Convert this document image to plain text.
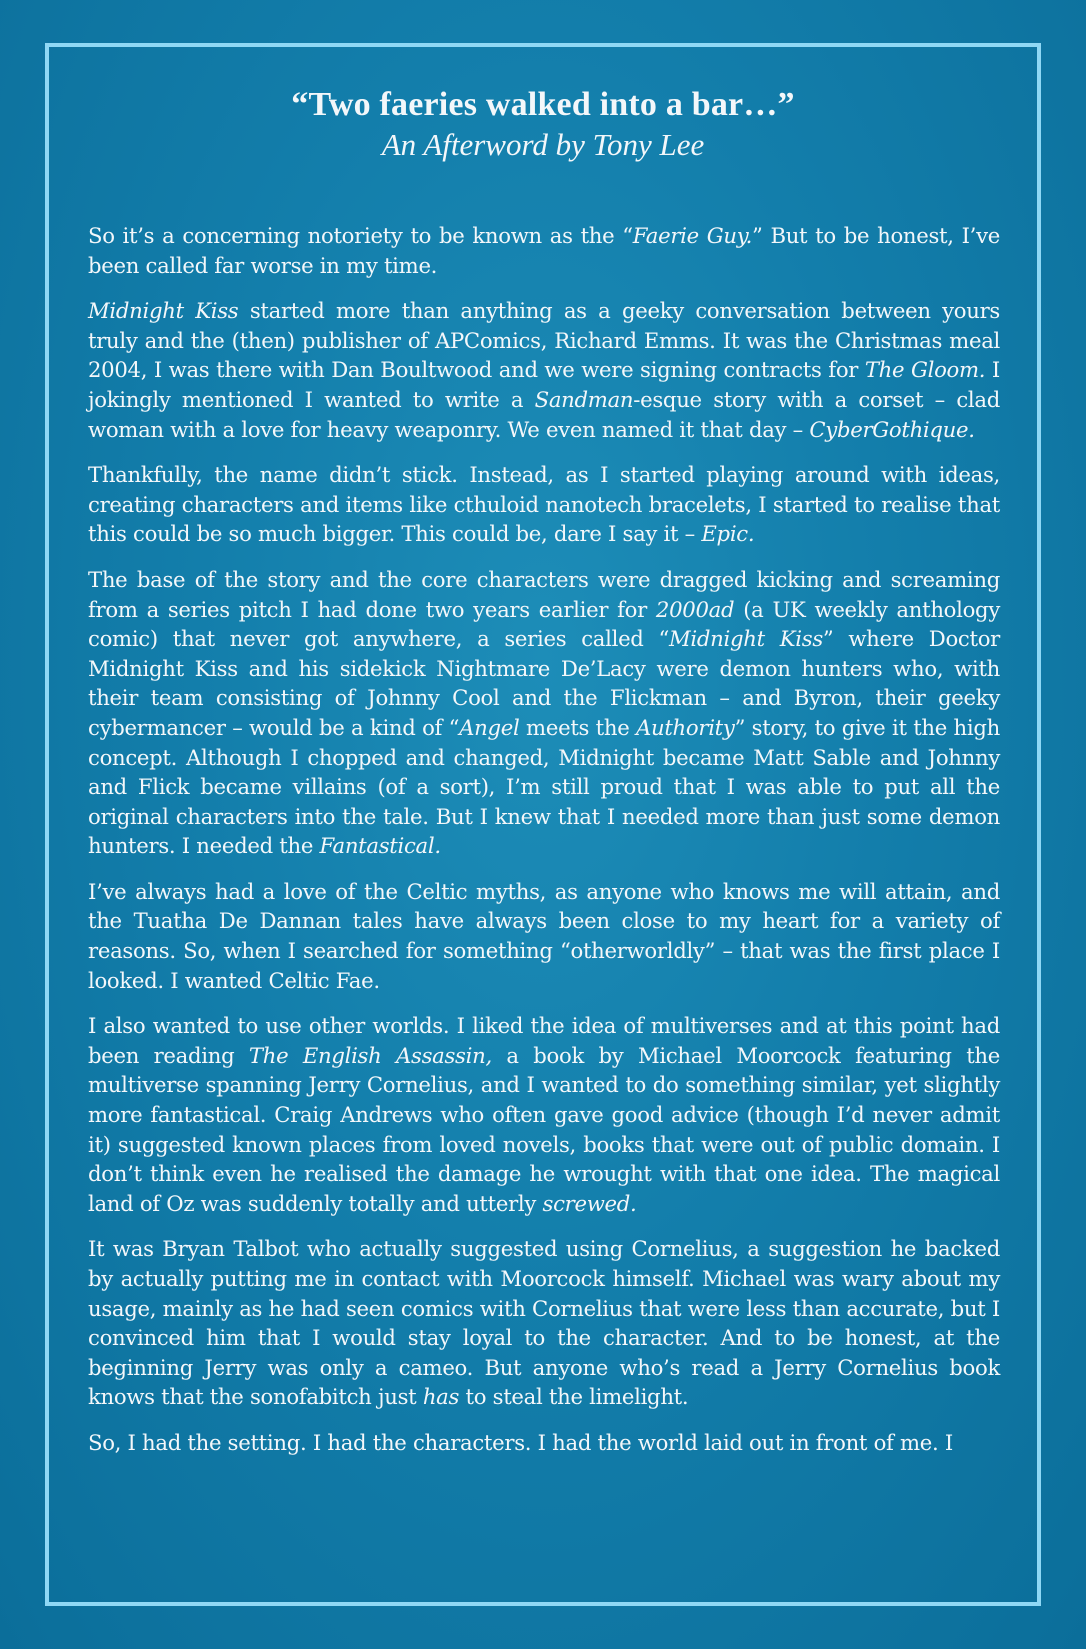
“Two faeries walked into a bar…”
An Afterword by Tony Lee

So it’s a concerning notoriety to be known as the “Faerie Guy.” But to be honest, I’ve been called far worse in my time.

Midnight Kiss started more than anything as a geeky conversation between yours truly and the (then) publisher of APComics, Richard Emms. It was the Christmas meal 2004, I was there with Dan Boultwood and we were signing contracts for The Gloom. I jokingly mentioned I wanted to write a Sandman-esque story with a corset – clad woman with a love for heavy weaponry. We even named it that day – CyberGothique.

Thankfully, the name didn’t stick. Instead, as I started playing around with ideas, creating characters and items like cthuloid nanotech bracelets, I started to realise that this could be so much bigger. This could be, dare I say it – Epic.

The base of the story and the core characters were dragged kicking and screaming from a series pitch I had done two years earlier for 2000ad (a UK weekly anthology comic) that never got anywhere, a series called “Midnight Kiss” where Doctor Midnight Kiss and his sidekick Nightmare De’Lacy were demon hunters who, with their team consisting of Johnny Cool and the Flickman – and Byron, their geeky cybermancer – would be a kind of “Angel meets the Authority” story, to give it the high concept. Although I chopped and changed, Midnight became Matt Sable and Johnny and Flick became villains (of a sort), I’m still proud that I was able to put all the original characters into the tale. But I knew that I needed more than just some demon hunters. I needed the Fantastical.

I’ve always had a love of the Celtic myths, as anyone who knows me will attain, and the Tuatha De Dannan tales have always been close to my heart for a variety of reasons. So, when I searched for something “otherworldly” – that was the first place I looked. I wanted Celtic Fae.

I also wanted to use other worlds. I liked the idea of multiverses and at this point had been reading The English Assassin, a book by Michael Moorcock featuring the multiverse spanning Jerry Cornelius, and I wanted to do something similar, yet slightly more fantastical. Craig Andrews who often gave good advice (though I’d never admit it) suggested known places from loved novels, books that were out of public domain. I don’t think even he realised the damage he wrought with that one idea. The magical land of Oz was suddenly totally and utterly screwed.

It was Bryan Talbot who actually suggested using Cornelius, a suggestion he backed by actually putting me in contact with Moorcock himself. Michael was wary about my usage, mainly as he had seen comics with Cornelius that were less than accurate, but I convinced him that I would stay loyal to the character. And to be honest, at the beginning Jerry was only a cameo. But anyone who’s read a Jerry Cornelius book knows that the sonofabitch just has to steal the limelight.

So, I had the setting. I had the characters. I had the world laid out in front of me. I
